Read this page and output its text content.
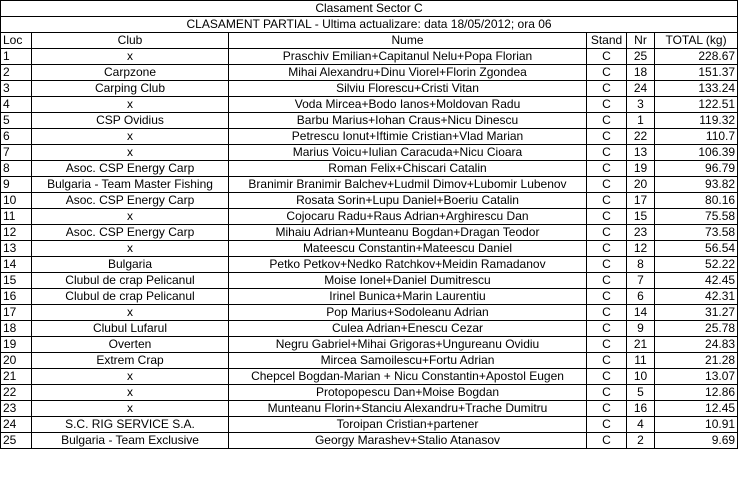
Clasament Sector C					
CLASAMENT PARTIAL - Ultima actualizare: data 18/05/2012; ora 06					
Loc	Club	Nume	Stand	Nr	TOTAL (kg)
1	x	Praschiv Emilian+Capitanul Nelu+Popa Florian	C	25	228.67
2	Carpzone	Mihai Alexandru+Dinu Viorel+Florin Zgondea	C	18	151.37
3	Carping Club	Silviu Florescu+Cristi Vitan	C	24	133.24
4	x	Voda Mircea+Bodo Ianos+Moldovan Radu	C	3	122.51
5	CSP Ovidius	Barbu Marius+Iohan Craus+Nicu Dinescu	C	1	119.32
6	x	Petrescu Ionut+Iftimie Cristian+Vlad Marian	C	22	110.7
7	x	Marius Voicu+Iulian Caracuda+Nicu Cioara	C	13	106.39
8	Asoc. CSP Energy Carp	Roman Felix+Chiscari Catalin	C	19	96.79
9	Bulgaria - Team Master Fishing	Branimir Branimir Balchev+Ludmil Dimov+Lubomir Lubenov	C	20	93.82
10	Asoc. CSP Energy Carp	Rosata Sorin+Lupu Daniel+Boeriu Catalin	C	17	80.16
11	x	Cojocaru Radu+Raus Adrian+Arghirescu Dan	C	15	75.58
12	Asoc. CSP Energy Carp	Mihaiu Adrian+Munteanu Bogdan+Dragan Teodor	C	23	73.58
13	x	Mateescu Constantin+Mateescu Daniel	C	12	56.54
14	Bulgaria	Petko Petkov+Nedko Ratchkov+Meidin Ramadanov	C	8	52.22
15	Clubul de crap Pelicanul	Moise Ionel+Daniel Dumitrescu	C	7	42.45
16	Clubul de crap Pelicanul	Irinel Bunica+Marin Laurentiu	C	6	42.31
17	x	Pop Marius+Sodoleanu Adrian	C	14	31.27
18	Clubul Lufarul	Culea Adrian+Enescu Cezar	C	9	25.78
19	Overten	Negru Gabriel+Mihai Grigoras+Ungureanu Ovidiu	C	21	24.83
20	Extrem Crap	Mircea Samoilescu+Fortu Adrian	C	11	21.28
21	x	Chepcel Bogdan-Marian + Nicu Constantin+Apostol Eugen	C	10	13.07
22	x	Protopopescu Dan+Moise Bogdan	C	5	12.86
23	x	Munteanu Florin+Stanciu Alexandru+Trache Dumitru	C	16	12.45
24	S.C. RIG SERVICE S.A.	Toroipan Cristian+partener	C	4	10.91
25	Bulgaria - Team Exclusive	Georgy Marashev+Stalio Atanasov	C	2	9.69
